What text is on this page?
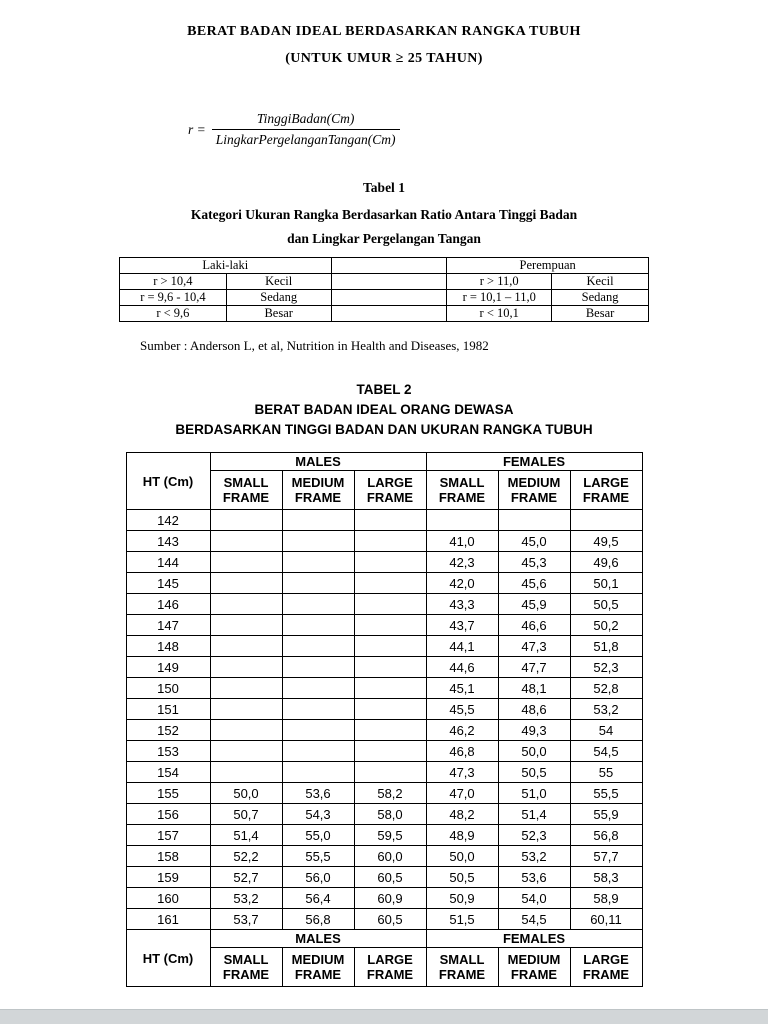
BERAT BADAN IDEAL BERDASARKAN RANGKA TUBUH
(UNTUK UMUR ≥ 25 TAHUN)
$r = \frac{\text{TinggiBadan(Cm)}}{\text{LingkarPergelanganTangan(Cm)}}$
Tabel 1
Kategori Ukuran Rangka Berdasarkan Ratio Antara Tinggi Badan
dan Lingkar Pergelangan Tangan
Laki-laki			Perempuan	
r > 10,4	Kecil		r > 11,0	Kecil
r = 9,6 - 10,4	Sedang		r = 10,1 – 11,0	Sedang
r < 9,6	Besar		r < 10,1	Besar
Sumber : Anderson L, et al, Nutrition in Health and Diseases, 1982
TABEL 2
BERAT BADAN IDEAL ORANG DEWASA
BERDASARKAN TINGGI BADAN DAN UKURAN RANGKA TUBUH
HT (Cm)	MALES			FEMALES		
	SMALL FRAME	MEDIUM FRAME	LARGE FRAME	SMALL FRAME	MEDIUM FRAME	LARGE FRAME
142						
143				41,0	45,0	49,5
144				42,3	45,3	49,6
145				42,0	45,6	50,1
146				43,3	45,9	50,5
147				43,7	46,6	50,2
148				44,1	47,3	51,8
149				44,6	47,7	52,3
150				45,1	48,1	52,8
151				45,5	48,6	53,2
152				46,2	49,3	54
153				46,8	50,0	54,5
154				47,3	50,5	55
155	50,0	53,6	58,2	47,0	51,0	55,5
156	50,7	54,3	58,0	48,2	51,4	55,9
157	51,4	55,0	59,5	48,9	52,3	56,8
158	52,2	55,5	60,0	50,0	53,2	57,7
159	52,7	56,0	60,5	50,5	53,6	58,3
160	53,2	56,4	60,9	50,9	54,0	58,9
161	53,7	56,8	60,5	51,5	54,5	60,11
HT (Cm)	MALES			FEMALES		
	SMALL FRAME	MEDIUM FRAME	LARGE FRAME	SMALL FRAME	MEDIUM FRAME	LARGE FRAME
